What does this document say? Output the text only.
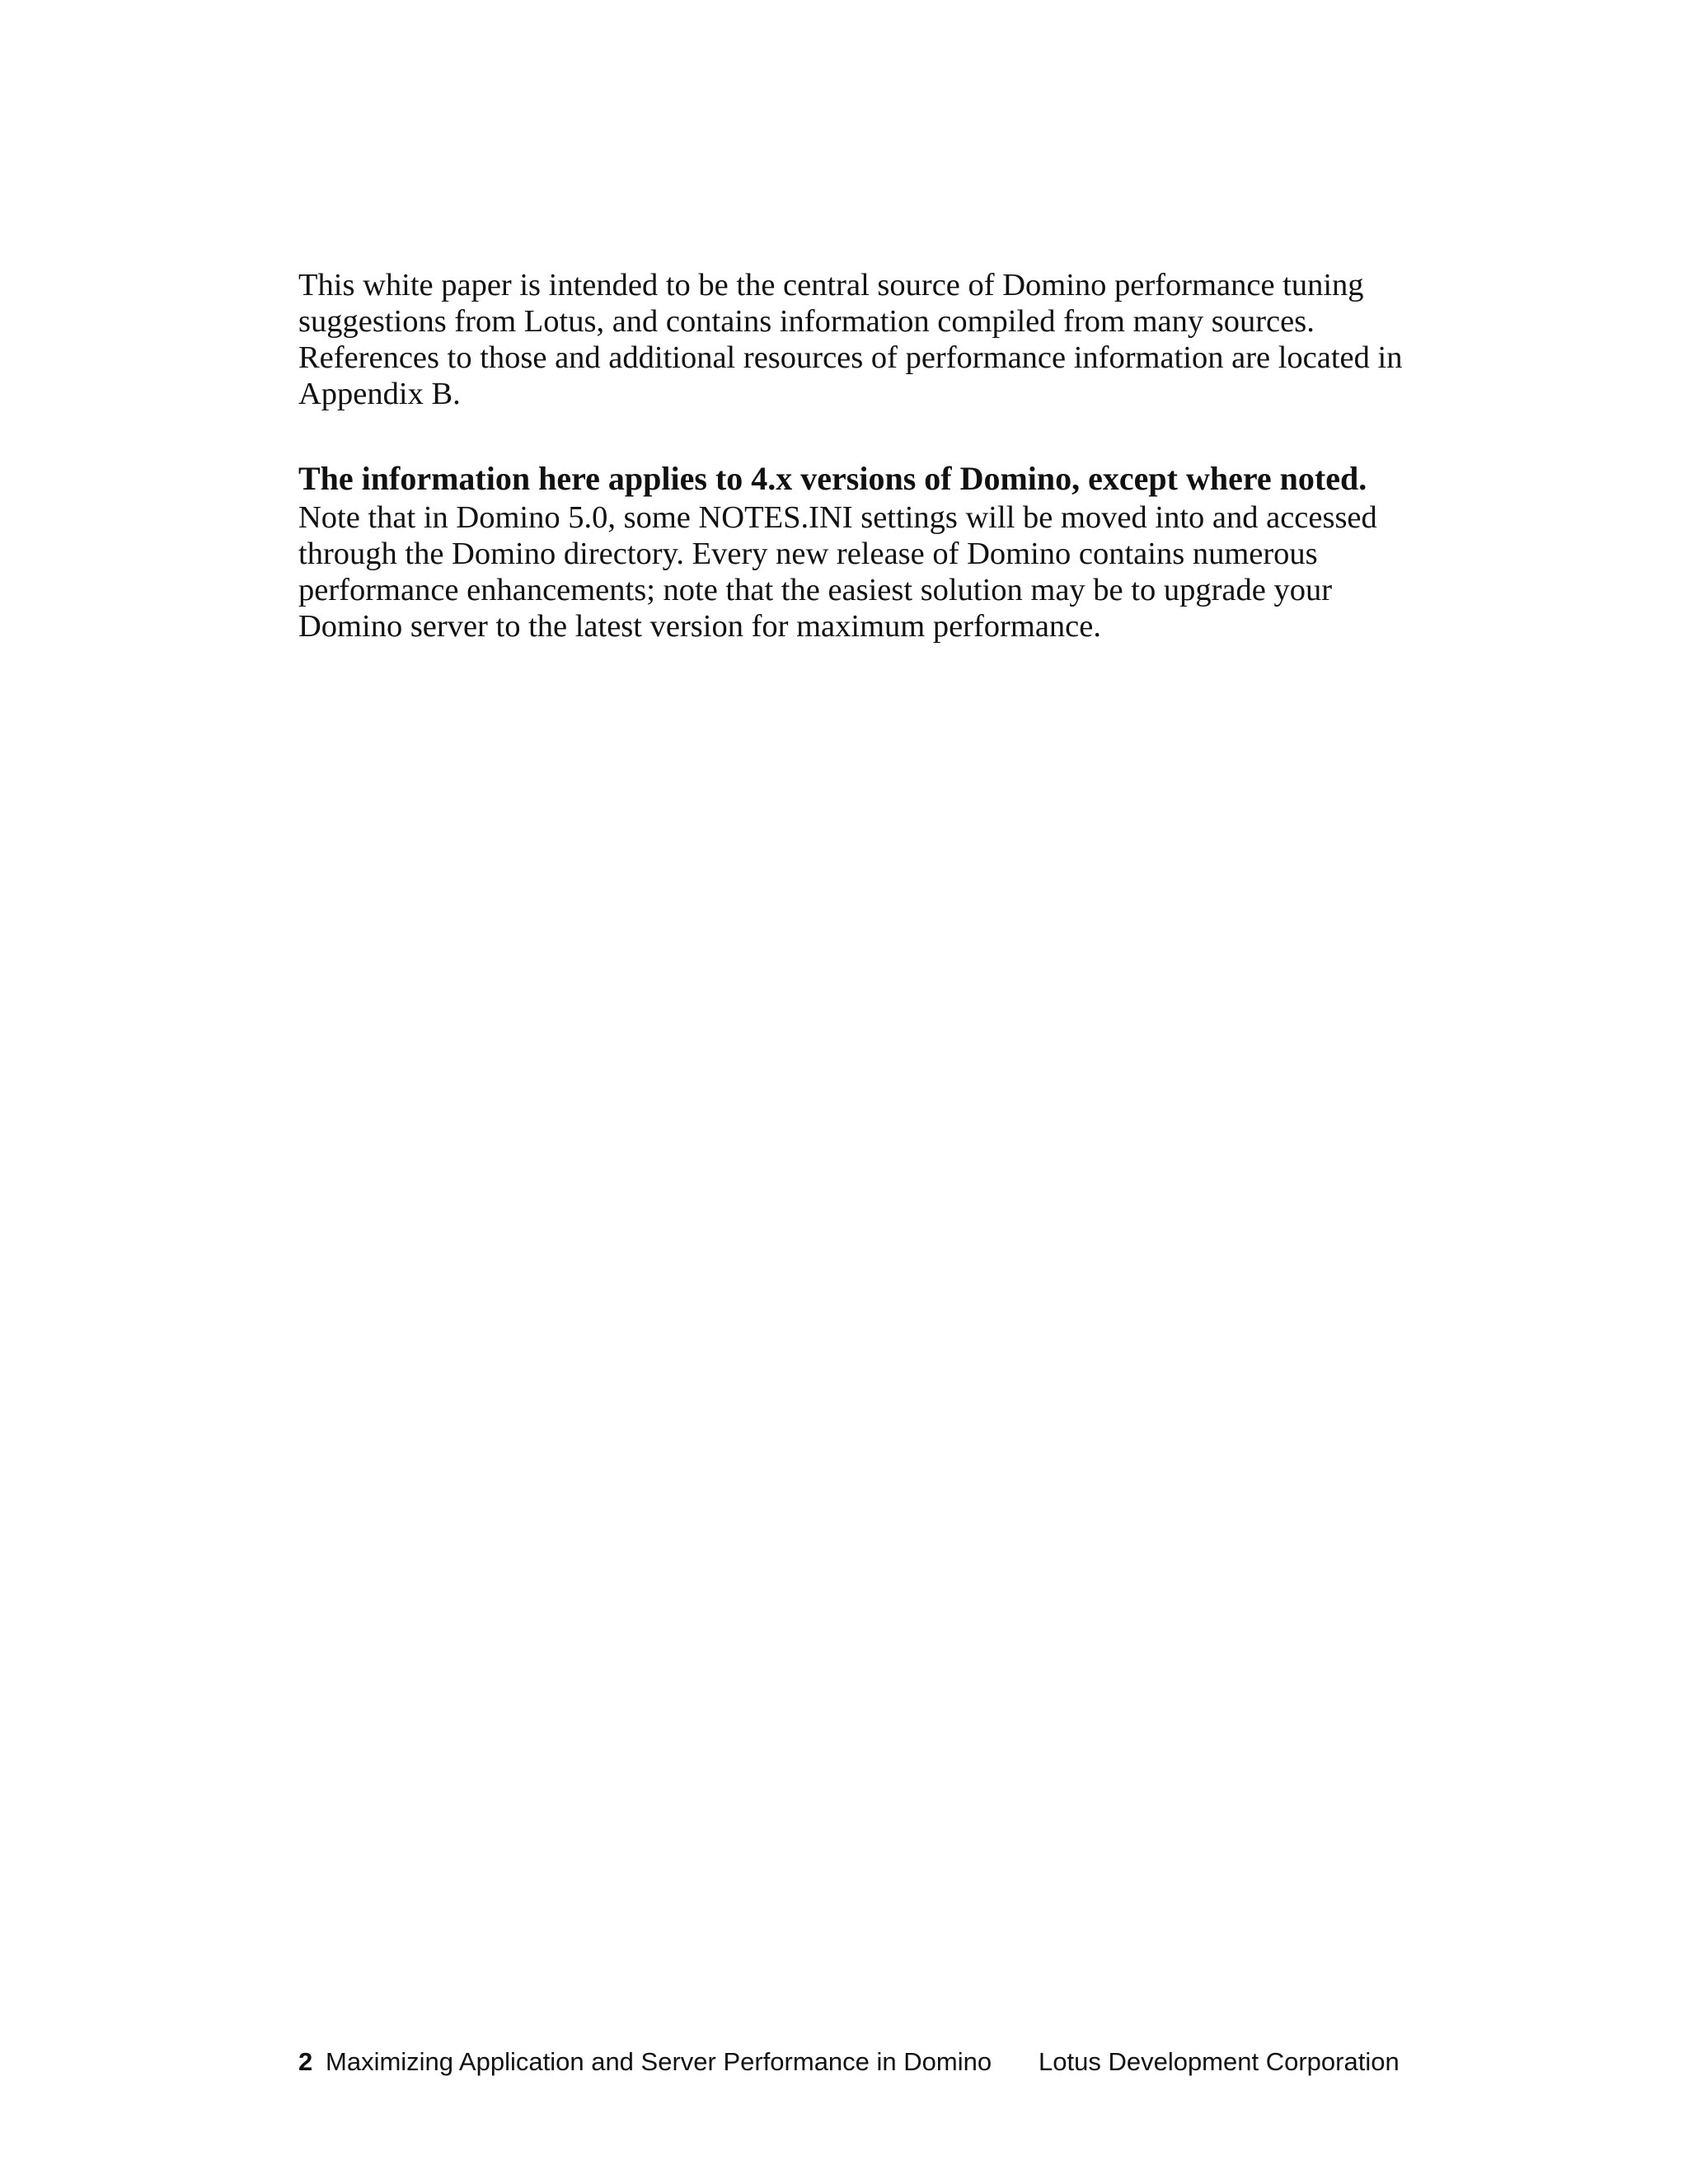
This white paper is intended to be the central source of Domino performance tuning suggestions from Lotus, and contains information compiled from many sources. References to those and additional resources of performance information are located in Appendix B.

The information here applies to 4.x versions of Domino, except where noted.
Note that in Domino 5.0, some NOTES.INI settings will be moved into and accessed through the Domino directory. Every new release of Domino contains numerous performance enhancements; note that the easiest solution may be to upgrade your Domino server to the latest version for maximum performance.
2 Maximizing Application and Server Performance in Domino Lotus Development Corporation
